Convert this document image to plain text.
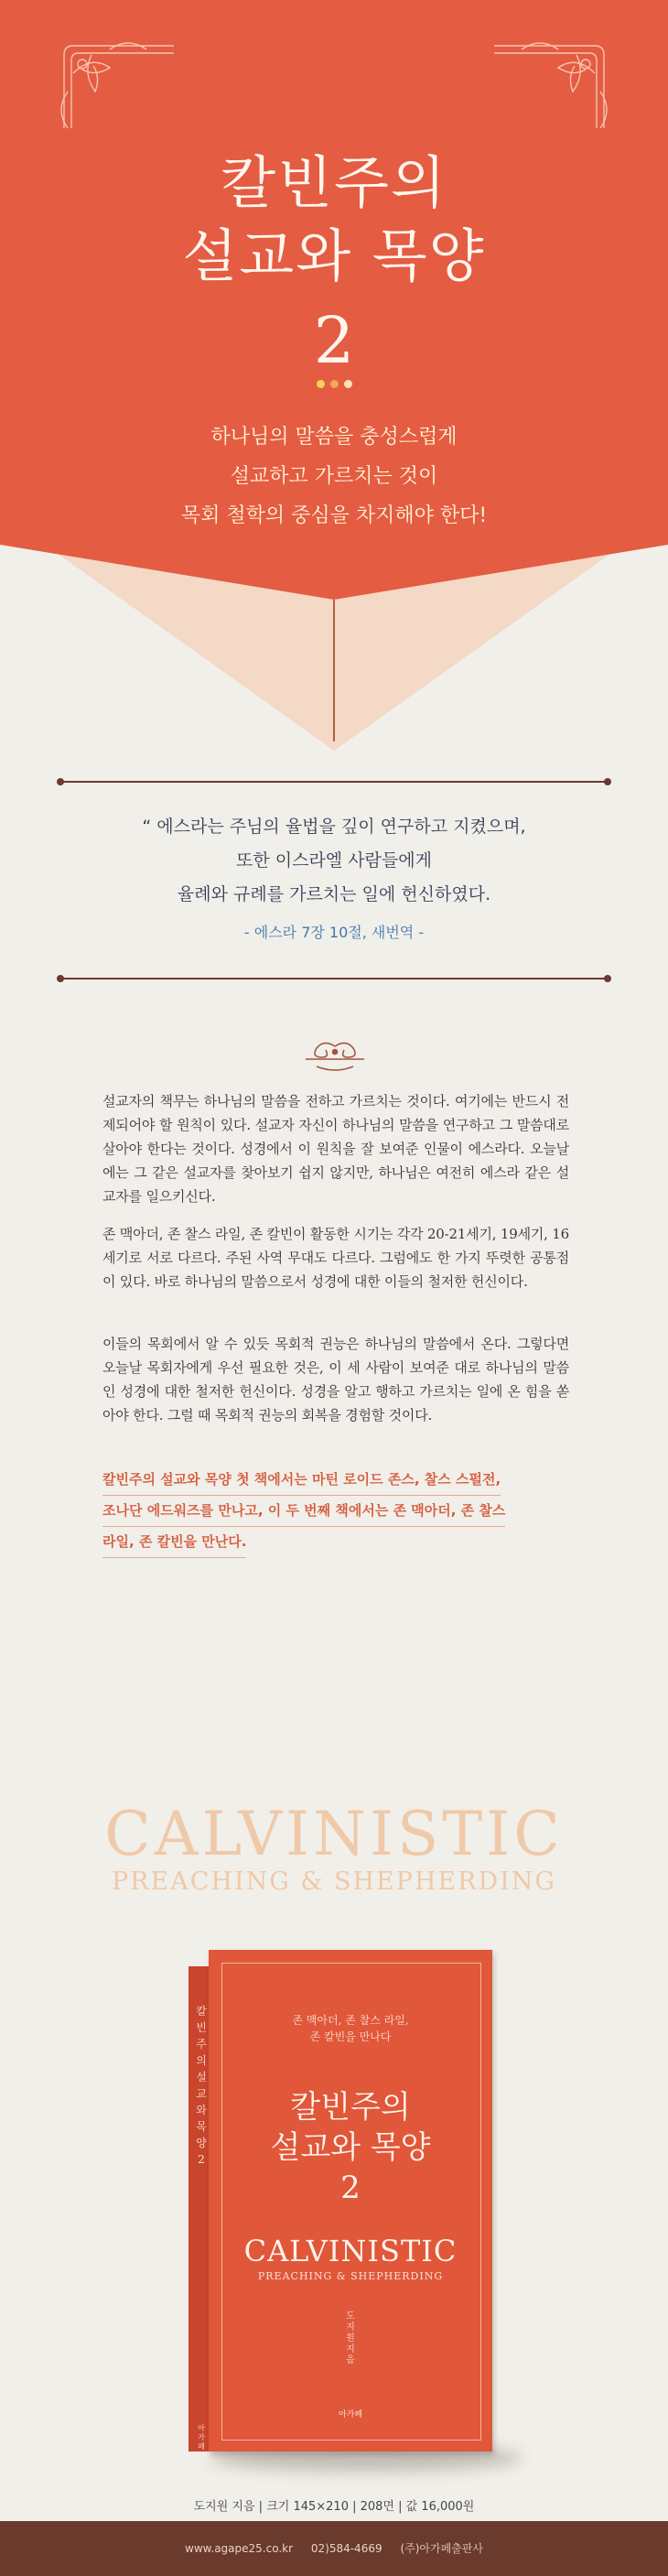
칼빈주의
설교와 목양
2
하나님의 말씀을 충성스럽게
설교하고 가르치는 것이
목회 철학의 중심을 차지해야 한다!
“ 에스라는 주님의 율법을 깊이 연구하고 지켰으며,
또한 이스라엘 사람들에게
율례와 규례를 가르치는 일에 헌신하였다.
- 에스라 7장 10절, 새번역 -
설교자의 책무는 하나님의 말씀을 전하고 가르치는 것이다. 여기에는 반드시 전제되어야 할 원칙이 있다. 설교자 자신이 하나님의 말씀을 연구하고 그 말씀대로 살아야 한다는 것이다. 성경에서 이 원칙을 잘 보여준 인물이 에스라다. 오늘날에는 그 같은 설교자를 찾아보기 쉽지 않지만, 하나님은 여전히 에스라 같은 설교자를 일으키신다.
존 맥아더, 존 찰스 라일, 존 칼빈이 활동한 시기는 각각 20-21세기, 19세기, 16세기로 서로 다르다. 주된 사역 무대도 다르다. 그럼에도 한 가지 뚜렷한 공통점이 있다. 바로 하나님의 말씀으로서 성경에 대한 이들의 철저한 헌신이다.
이들의 목회에서 알 수 있듯 목회적 권능은 하나님의 말씀에서 온다. 그렇다면 오늘날 목회자에게 우선 필요한 것은, 이 세 사람이 보여준 대로 하나님의 말씀인 성경에 대한 철저한 헌신이다. 성경을 알고 행하고 가르치는 일에 온 힘을 쏟아야 한다. 그럴 때 목회적 권능의 회복을 경험할 것이다.
칼빈주의 설교와 목양 첫 책에서는 마틴 로이드 존스, 찰스 스펄전,
조나단 에드워즈를 만나고, 이 두 번째 책에서는 존 맥아더, 존 찰스
라일, 존 칼빈을 만난다.
CALVINISTIC
PREACHING & SHEPHERDING
칼빈주의 설교와 목양 2
아가페
존 맥아더, 존 찰스 라일,
존 칼빈을 만나다
칼빈주의
설교와 목양
2
CALVINISTIC
PREACHING & SHEPHERDING
도지원 지음
아가페
도지원 지음 | 크기 145×210 | 208면 | 값 16,000원
www.agape25.co.kr 02)584-4669 (주)아가페출판사
